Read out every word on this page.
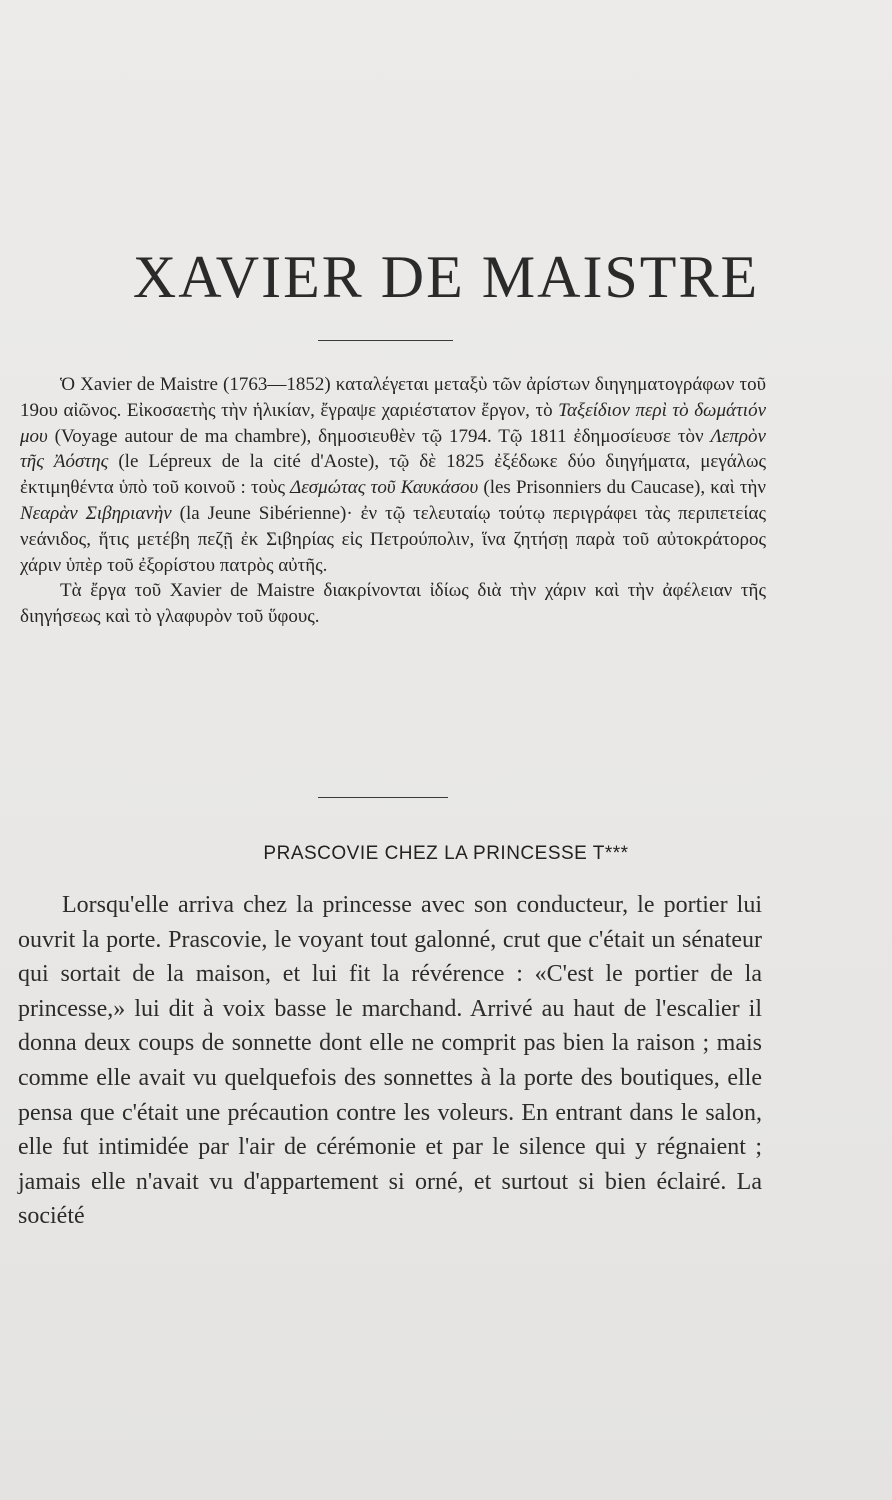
XAVIER DE MAISTRE

Ὁ Xavier de Maistre (1763—1852) καταλέγεται μεταξὺ τῶν ἀρίστων διηγηματογράφων τοῦ 19ου αἰῶνος. Εἰκοσαετὴς τὴν ἡλικίαν, ἔγραψε χαριέστατον ἔργον, τὸ Ταξείδιον περὶ τὸ δωμάτιόν μου (Voyage autour de ma chambre), δημοσιευθὲν τῷ 1794. Τῷ 1811 ἐδημοσίευσε τὸν Λεπρὸν τῆς Ἀόστης (le Lépreux de la cité d'Aoste), τῷ δὲ 1825 ἐξέδωκε δύο διηγήματα, μεγάλως ἐκτιμηθέντα ὑπὸ τοῦ κοινοῦ : τοὺς Δεσμώτας τοῦ Καυκάσου (les Prisonniers du Caucase), καὶ τὴν Νεαρὰν Σιβηριανὴν (la Jeune Sibérienne)· ἐν τῷ τελευταίῳ τούτῳ περιγράφει τὰς περιπετείας νεάνιδος, ἥτις μετέβη πεζῇ ἐκ Σιβηρίας εἰς Πετρούπολιν, ἵνα ζητήσῃ παρὰ τοῦ αὐτοκράτορος χάριν ὑπὲρ τοῦ ἐξορίστου πατρὸς αὐτῆς.

Τὰ ἔργα τοῦ Xavier de Maistre διακρίνονται ἰδίως διὰ τὴν χάριν καὶ τὴν ἀφέλειαν τῆς διηγήσεως καὶ τὸ γλαφυρὸν τοῦ ὕφους.

PRASCOVIE CHEZ LA PRINCESSE T***

Lorsqu'elle arriva chez la princesse avec son conducteur, le portier lui ouvrit la porte. Prascovie, le voyant tout galonné, crut que c'était un sénateur qui sortait de la maison, et lui fit la révérence : «C'est le portier de la princesse,» lui dit à voix basse le marchand. Arrivé au haut de l'escalier il donna deux coups de sonnette dont elle ne comprit pas bien la raison ; mais comme elle avait vu quelquefois des sonnettes à la porte des boutiques, elle pensa que c'était une précaution contre les voleurs. En entrant dans le salon, elle fut intimidée par l'air de cérémonie et par le silence qui y régnaient ; jamais elle n'avait vu d'appartement si orné, et surtout si bien éclairé. La société
